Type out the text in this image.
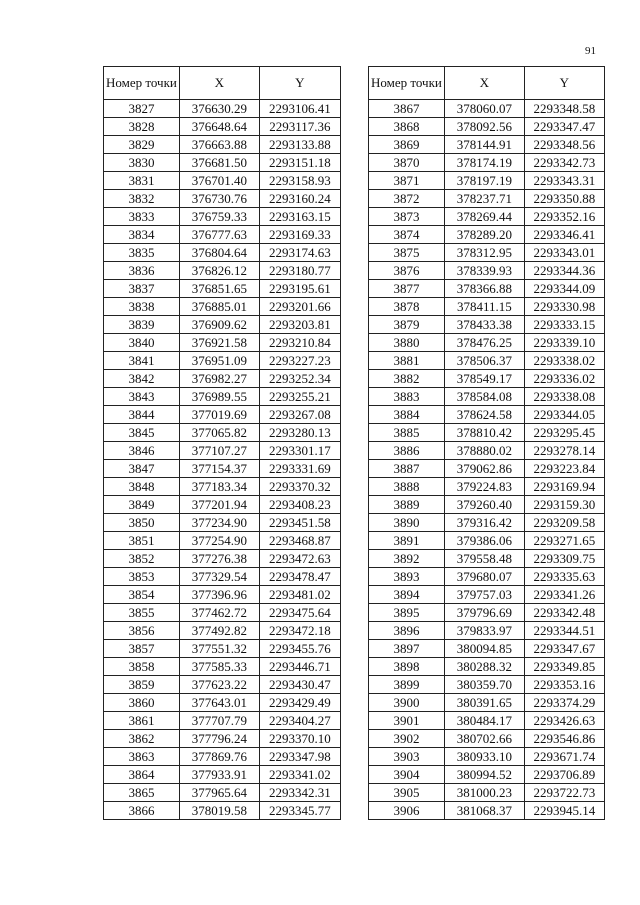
91
Номер точки	X	Y
3827	376630.29	2293106.41
3828	376648.64	2293117.36
3829	376663.88	2293133.88
3830	376681.50	2293151.18
3831	376701.40	2293158.93
3832	376730.76	2293160.24
3833	376759.33	2293163.15
3834	376777.63	2293169.33
3835	376804.64	2293174.63
3836	376826.12	2293180.77
3837	376851.65	2293195.61
3838	376885.01	2293201.66
3839	376909.62	2293203.81
3840	376921.58	2293210.84
3841	376951.09	2293227.23
3842	376982.27	2293252.34
3843	376989.55	2293255.21
3844	377019.69	2293267.08
3845	377065.82	2293280.13
3846	377107.27	2293301.17
3847	377154.37	2293331.69
3848	377183.34	2293370.32
3849	377201.94	2293408.23
3850	377234.90	2293451.58
3851	377254.90	2293468.87
3852	377276.38	2293472.63
3853	377329.54	2293478.47
3854	377396.96	2293481.02
3855	377462.72	2293475.64
3856	377492.82	2293472.18
3857	377551.32	2293455.76
3858	377585.33	2293446.71
3859	377623.22	2293430.47
3860	377643.01	2293429.49
3861	377707.79	2293404.27
3862	377796.24	2293370.10
3863	377869.76	2293347.98
3864	377933.91	2293341.02
3865	377965.64	2293342.31
3866	378019.58	2293345.77
Номер точки	X	Y
3867	378060.07	2293348.58
3868	378092.56	2293347.47
3869	378144.91	2293348.56
3870	378174.19	2293342.73
3871	378197.19	2293343.31
3872	378237.71	2293350.88
3873	378269.44	2293352.16
3874	378289.20	2293346.41
3875	378312.95	2293343.01
3876	378339.93	2293344.36
3877	378366.88	2293344.09
3878	378411.15	2293330.98
3879	378433.38	2293333.15
3880	378476.25	2293339.10
3881	378506.37	2293338.02
3882	378549.17	2293336.02
3883	378584.08	2293338.08
3884	378624.58	2293344.05
3885	378810.42	2293295.45
3886	378880.02	2293278.14
3887	379062.86	2293223.84
3888	379224.83	2293169.94
3889	379260.40	2293159.30
3890	379316.42	2293209.58
3891	379386.06	2293271.65
3892	379558.48	2293309.75
3893	379680.07	2293335.63
3894	379757.03	2293341.26
3895	379796.69	2293342.48
3896	379833.97	2293344.51
3897	380094.85	2293347.67
3898	380288.32	2293349.85
3899	380359.70	2293353.16
3900	380391.65	2293374.29
3901	380484.17	2293426.63
3902	380702.66	2293546.86
3903	380933.10	2293671.74
3904	380994.52	2293706.89
3905	381000.23	2293722.73
3906	381068.37	2293945.14
